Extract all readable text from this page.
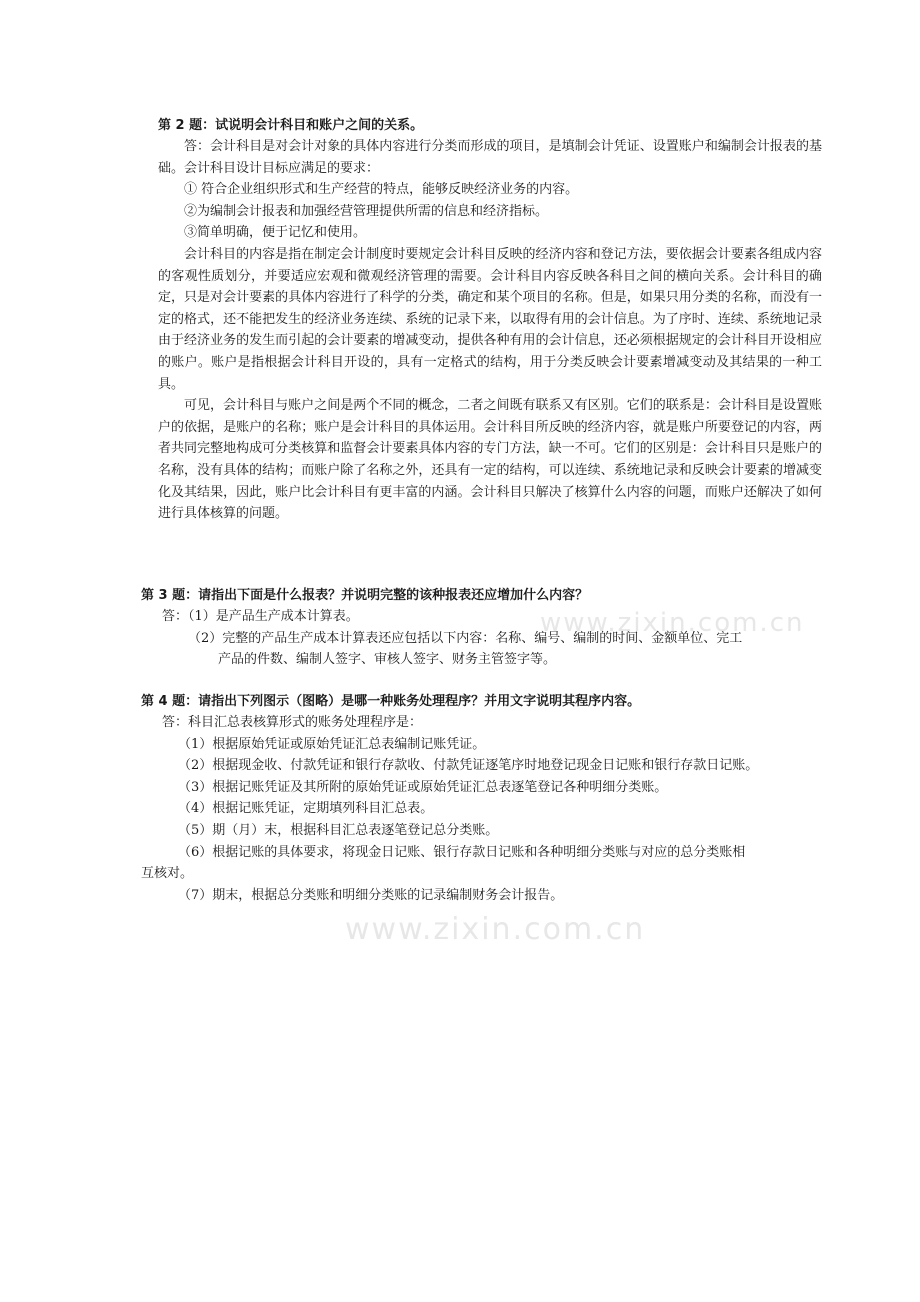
www.zixin.com.cn
www.zixin.com.cn

第 2 题：试说明会计科目和账户之间的关系。

答：会计科目是对会计对象的具体内容进行分类而形成的项目，是填制会计凭证、设置账户和编制会计报表的基础。会计科目设计目标应满足的要求：

① 符合企业组织形式和生产经营的特点，能够反映经济业务的内容。

②为编制会计报表和加强经营管理提供所需的信息和经济指标。

③简单明确，便于记忆和使用。

会计科目的内容是指在制定会计制度时要规定会计科目反映的经济内容和登记方法，要依据会计要素各组成内容的客观性质划分，并要适应宏观和微观经济管理的需要。会计科目内容反映各科目之间的横向关系。会计科目的确定，只是对会计要素的具体内容进行了科学的分类，确定和某个项目的名称。但是，如果只用分类的名称，而没有一定的格式，还不能把发生的经济业务连续、系统的记录下来，以取得有用的会计信息。为了序时、连续、系统地记录由于经济业务的发生而引起的会计要素的增减变动，提供各种有用的会计信息，还必须根据规定的会计科目开设相应的账户。账户是指根据会计科目开设的，具有一定格式的结构，用于分类反映会计要素增减变动及其结果的一种工具。

可见，会计科目与账户之间是两个不同的概念，二者之间既有联系又有区别。它们的联系是：会计科目是设置账户的依据，是账户的名称；账户是会计科目的具体运用。会计科目所反映的经济内容，就是账户所要登记的内容，两者共同完整地构成可分类核算和监督会计要素具体内容的专门方法，缺一不可。它们的区别是：会计科目只是账户的名称，没有具体的结构；而账户除了名称之外，还具有一定的结构，可以连续、系统地记录和反映会计要素的增减变化及其结果，因此，账户比会计科目有更丰富的内涵。会计科目只解决了核算什么内容的问题，而账户还解决了如何进行具体核算的问题。

第 3 题：请指出下面是什么报表？并说明完整的该种报表还应增加什么内容？

答：（1）是产品生产成本计算表。

（2）完整的产品生产成本计算表还应包括以下内容：名称、编号、编制的时间、金额单位、完工

产品的件数、编制人签字、审核人签字、财务主管签字等。

第 4 题：请指出下列图示（图略）是哪一种账务处理程序？并用文字说明其程序内容。

答：科目汇总表核算形式的账务处理程序是：

（1）根据原始凭证或原始凭证汇总表编制记账凭证。

（2）根据现金收、付款凭证和银行存款收、付款凭证逐笔序时地登记现金日记账和银行存款日记账。

（3）根据记账凭证及其所附的原始凭证或原始凭证汇总表逐笔登记各种明细分类账。

（4）根据记账凭证，定期填列科目汇总表。

（5）期（月）末，根据科目汇总表逐笔登记总分类账。

（6）根据记账的具体要求，将现金日记账、银行存款日记账和各种明细分类账与对应的总分类账相

互核对。

（7）期末，根据总分类账和明细分类账的记录编制财务会计报告。
